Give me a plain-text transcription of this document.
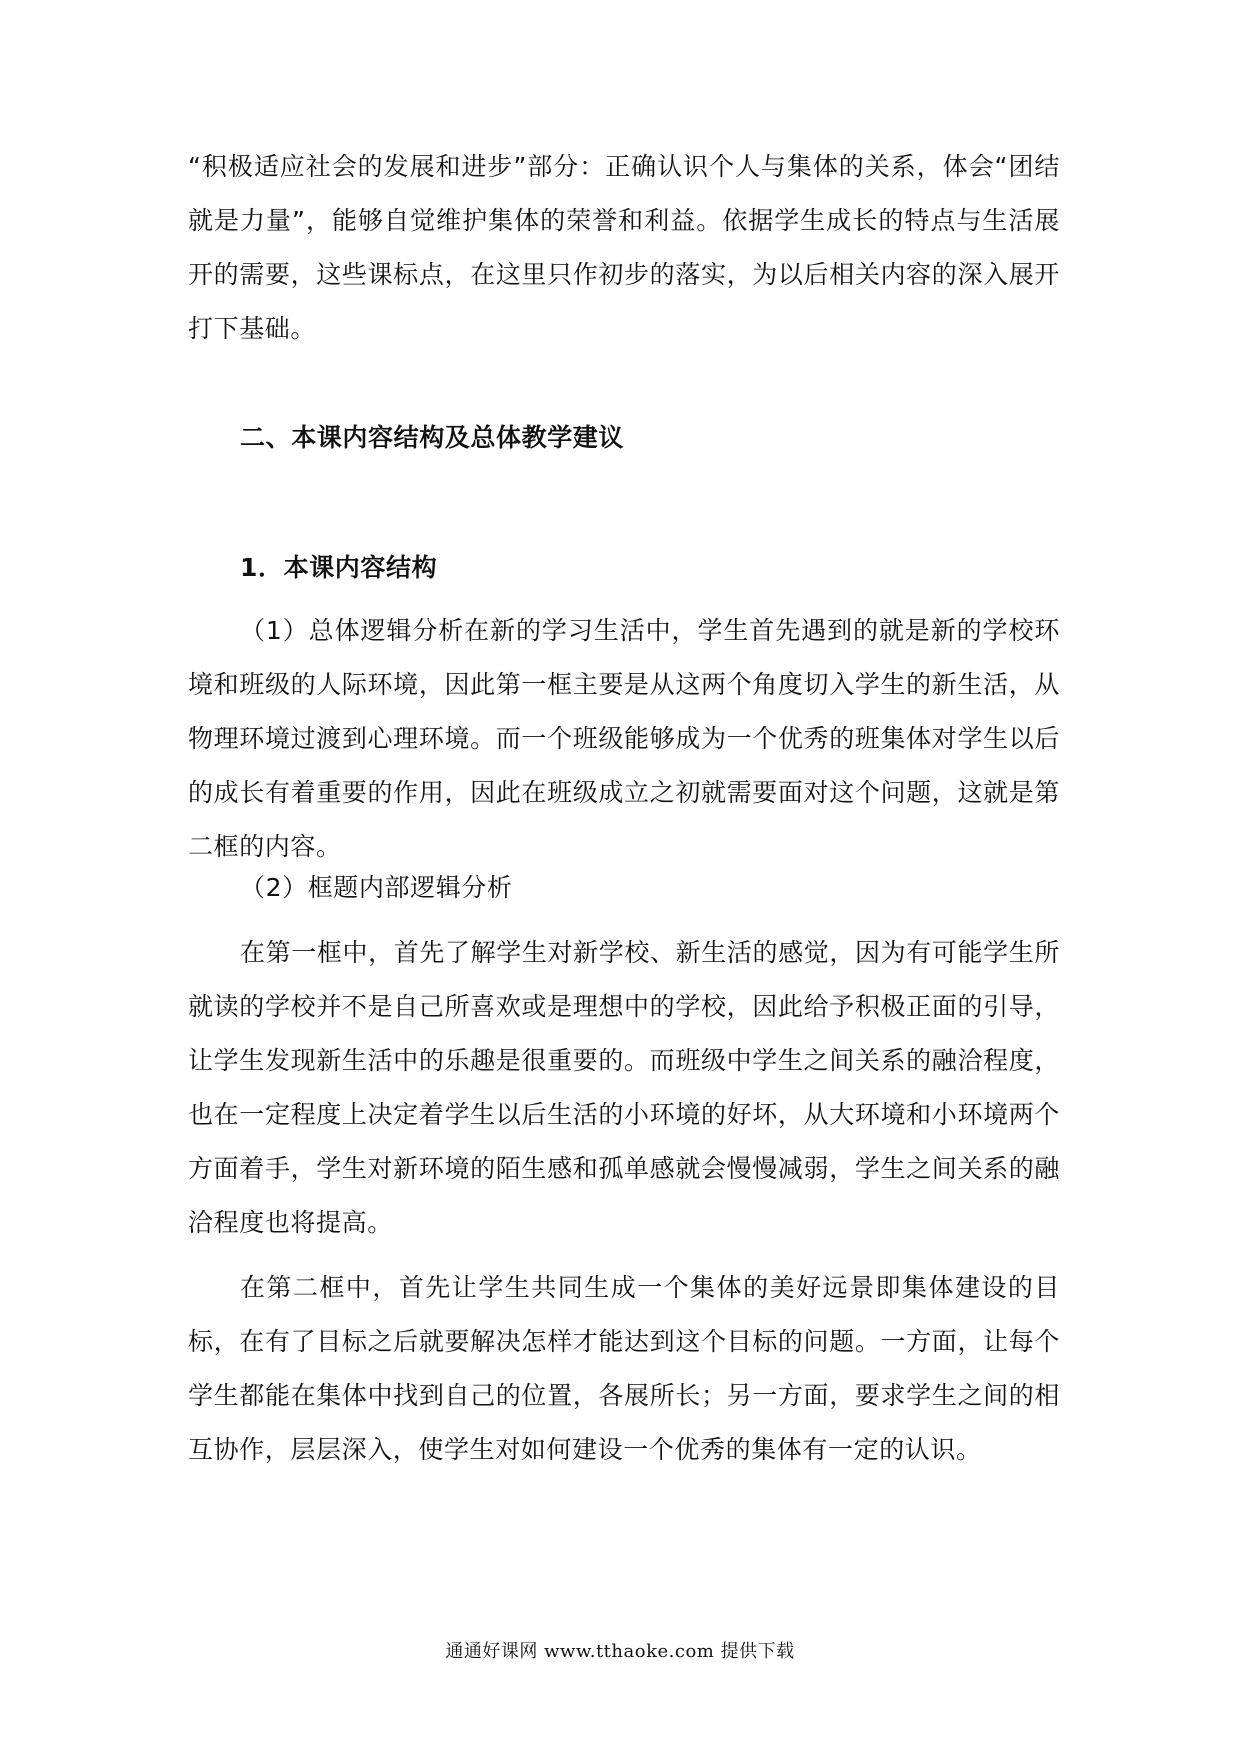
“积极适应社会的发展和进步”部分：正确认识个人与集体的关系，体会“团结就是力量”，能够自觉维护集体的荣誉和利益。依据学生成长的特点与生活展开的需要，这些课标点，在这里只作初步的落实，为以后相关内容的深入展开打下基础。

二、本课内容结构及总体教学建议
1．本课内容结构

（1）总体逻辑分析在新的学习生活中，学生首先遇到的就是新的学校环境和班级的人际环境，因此第一框主要是从这两个角度切入学生的新生活，从物理环境过渡到心理环境。而一个班级能够成为一个优秀的班集体对学生以后的成长有着重要的作用，因此在班级成立之初就需要面对这个问题，这就是第二框的内容。

（2）框题内部逻辑分析

在第一框中，首先了解学生对新学校、新生活的感觉，因为有可能学生所就读的学校并不是自己所喜欢或是理想中的学校，因此给予积极正面的引导，让学生发现新生活中的乐趣是很重要的。而班级中学生之间关系的融洽程度，也在一定程度上决定着学生以后生活的小环境的好坏，从大环境和小环境两个方面着手，学生对新环境的陌生感和孤单感就会慢慢减弱，学生之间关系的融洽程度也将提高。

在第二框中，首先让学生共同生成一个集体的美好远景即集体建设的目标，在有了目标之后就要解决怎样才能达到这个目标的问题。一方面，让每个学生都能在集体中找到自己的位置，各展所长；另一方面，要求学生之间的相互协作，层层深入，使学生对如何建设一个优秀的集体有一定的认识。

通通好课网 www.tthaoke.com 提供下载
